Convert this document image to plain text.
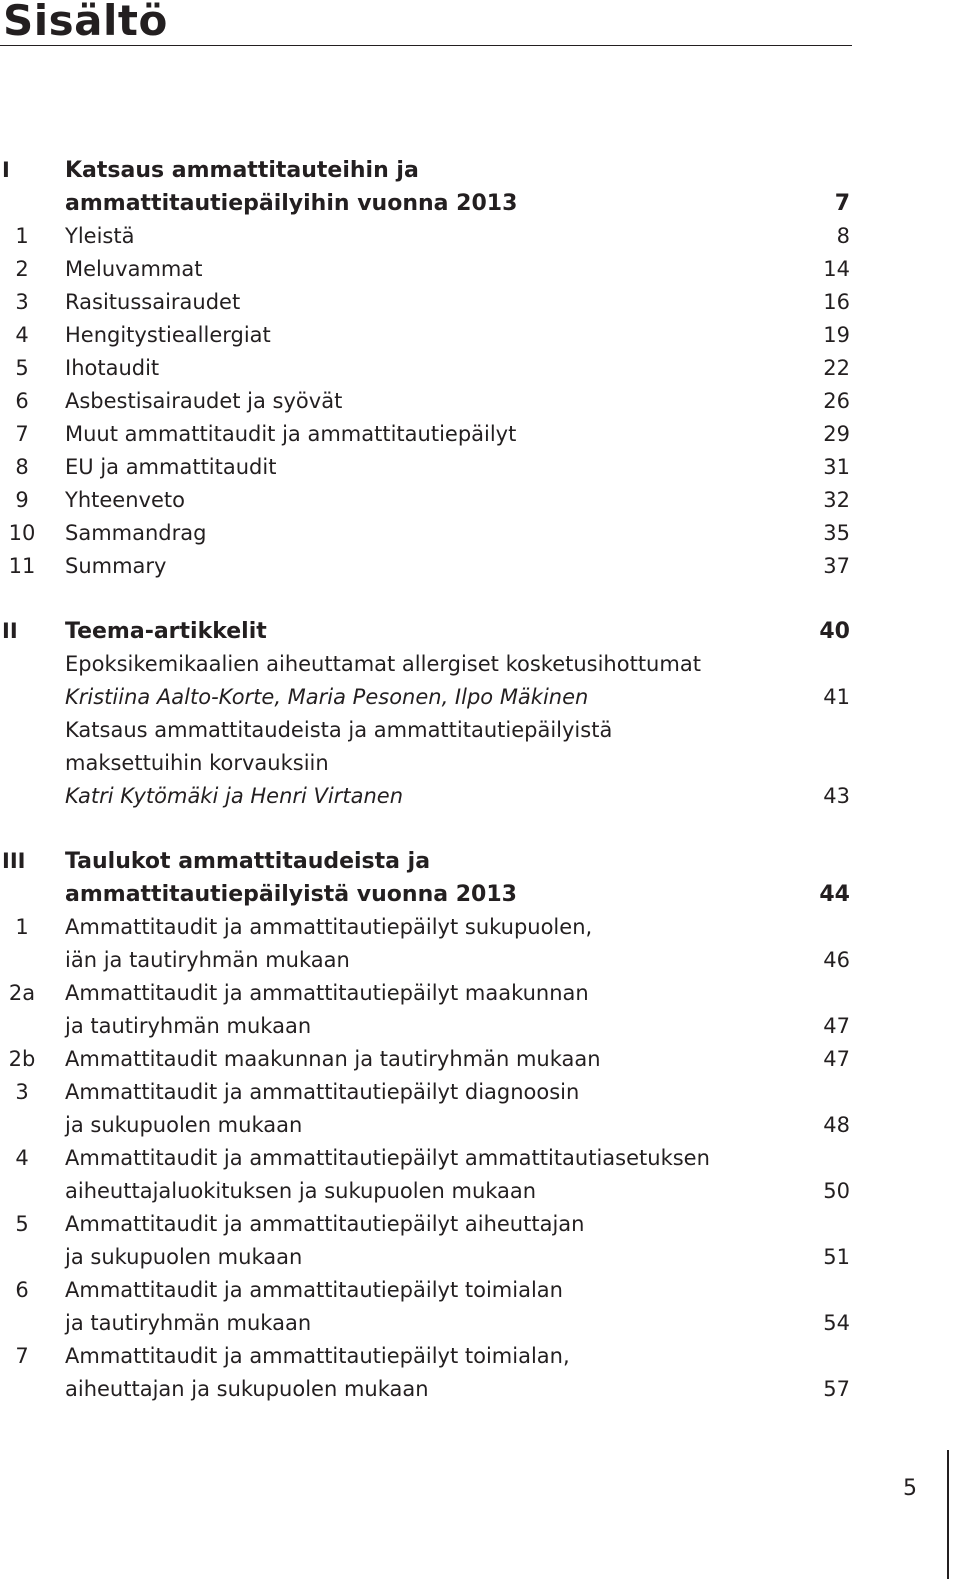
Sisältö
I	Katsaus ammattitauteihin ja
ammattitautiepäilyihin vuonna 2013	7
1	Yleistä	8
2	Meluvammat	14
3	Rasitussairaudet	16
4	Hengitystieallergiat	19
5	Ihotaudit	22
6	Asbestisairaudet ja syövät	26
7	Muut ammattitaudit ja ammattitautiepäilyt	29
8	EU ja ammattitaudit	31
9	Yhteenveto	32
10	Sammandrag	35
11	Summary	37
II Teema-artikkelit	40
Epoksikemikaalien aiheuttamat allergiset kosketusihottumat
Kristiina Aalto-Korte, Maria Pesonen, Ilpo Mäkinen	41
Katsaus ammattitaudeista ja ammattitautiepäilyistä
maksettuihin korvauksiin
Katri Kytömäki ja Henri Virtanen	43
III Taulukot ammattitaudeista ja
ammattitautiepäilyistä vuonna 2013	44
1	Ammattitaudit ja ammattitautiepäilyt sukupuolen,
iän ja tautiryhmän mukaan	46
2a	Ammattitaudit ja ammattitautiepäilyt maakunnan
ja tautiryhmän mukaan	47
2b	Ammattitaudit maakunnan ja tautiryhmän mukaan	47
3	Ammattitaudit ja ammattitautiepäilyt diagnoosin
ja sukupuolen mukaan	48
4	Ammattitaudit ja ammattitautiepäilyt ammattitautiasetuksen
aiheuttajaluokituksen ja sukupuolen mukaan	50
5	Ammattitaudit ja ammattitautiepäilyt aiheuttajan
ja sukupuolen mukaan	51
6	Ammattitaudit ja ammattitautiepäilyt toimialan
ja tautiryhmän mukaan	54
7	Ammattitaudit ja ammattitautiepäilyt toimialan,
aiheuttajan ja sukupuolen mukaan	57
5
